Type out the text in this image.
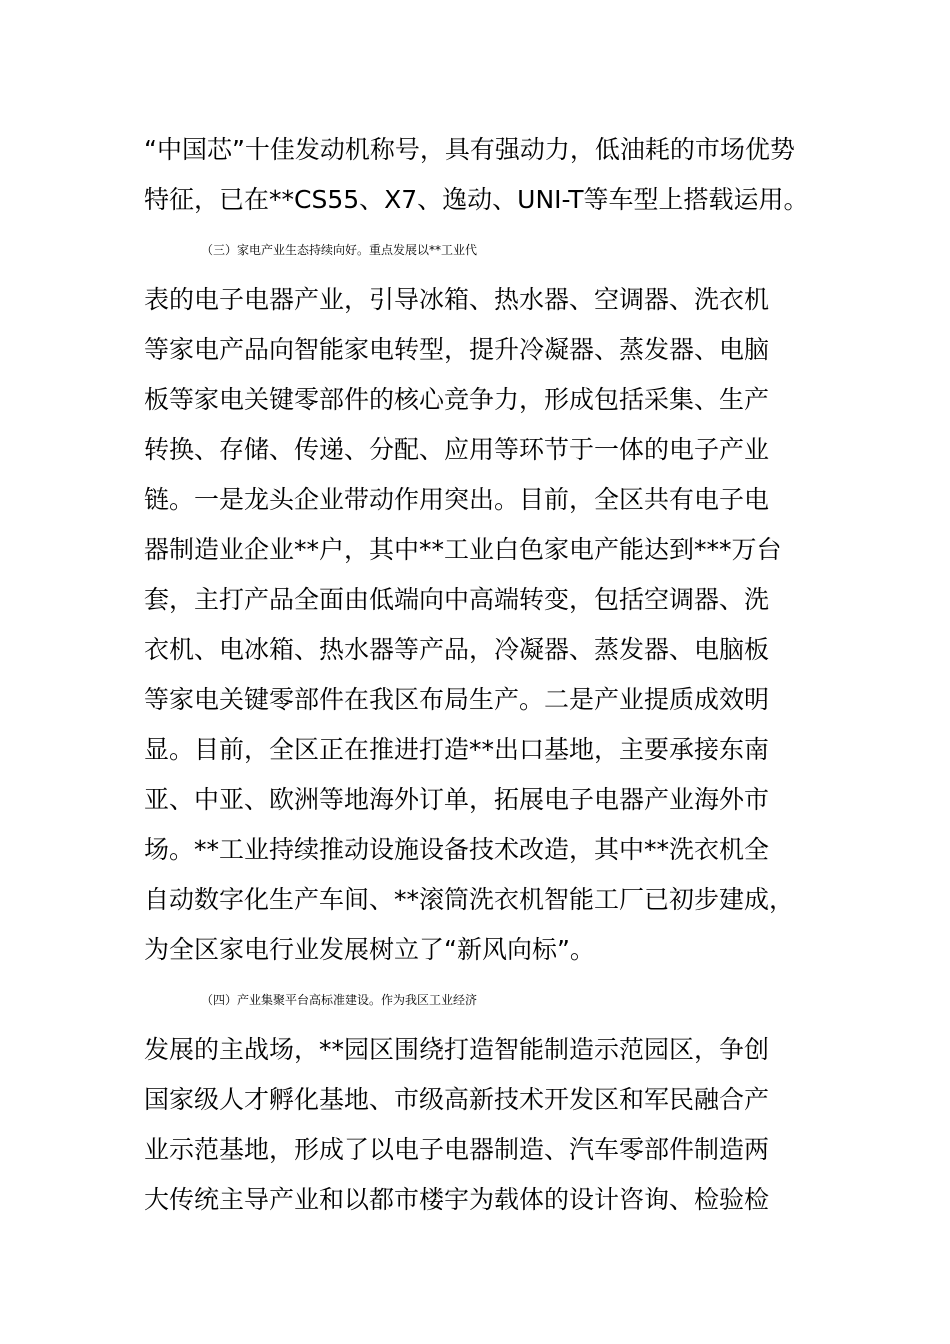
“中国芯”十佳发动机称号，具有强动力，低油耗的市场优势
特征，已在**CS55、X7、逸动、UNI-T等车型上搭载运用。
（三）家电产业生态持续向好。重点发展以**工业代
表的电子电器产业，引导冰箱、热水器、空调器、洗衣机
等家电产品向智能家电转型，提升冷凝器、蒸发器、电脑
板等家电关键零部件的核心竞争力，形成包括采集、生产
转换、存储、传递、分配、应用等环节于一体的电子产业
链。一是龙头企业带动作用突出。目前，全区共有电子电
器制造业企业**户，其中**工业白色家电产能达到***万台
套，主打产品全面由低端向中高端转变，包括空调器、洗
衣机、电冰箱、热水器等产品，冷凝器、蒸发器、电脑板
等家电关键零部件在我区布局生产。二是产业提质成效明
显。目前，全区正在推进打造**出口基地，主要承接东南
亚、中亚、欧洲等地海外订单，拓展电子电器产业海外市
场。**工业持续推动设施设备技术改造，其中**洗衣机全
自动数字化生产车间、**滚筒洗衣机智能工厂已初步建成，
为全区家电行业发展树立了“新风向标”。
（四）产业集聚平台高标准建设。作为我区工业经济
发展的主战场，**园区围绕打造智能制造示范园区，争创
国家级人才孵化基地、市级高新技术开发区和军民融合产
业示范基地，形成了以电子电器制造、汽车零部件制造两
大传统主导产业和以都市楼宇为载体的设计咨询、检验检
